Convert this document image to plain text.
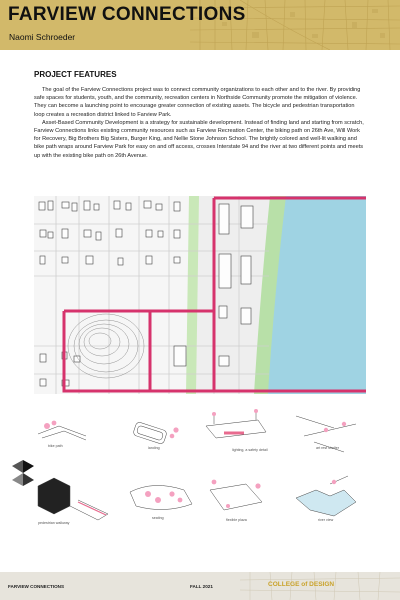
FARVIEW CONNECTIONS
Naomi Schroeder
PROJECT FEATURES

The goal of the Farview Connections project was to connect community organizations to each other and to the river. By providing safe spaces for students, youth, and the community, recreation centers in Northside Community promote the mitigation of violence. They can become a launching point to encourage greater connection of existing assets. The bicycle and pedestrian transportation loop creates a recreation district linked to Farview Park.

Asset-Based Community Development is a strategy for sustainable development. Instead of finding land and starting from scratch, Farview Connections links existing community resources such as Farview Recreation Center, the biking path on 26th Ave, Will Work for Recovery, Big Brothers Big Sisters, Burger King, and Nellie Stone Johnson School. The brightly colored and well-lit walking and bike path wraps around Farview Park for easy on and off access, crosses Interstate 94 and the river at two different points and meets up with the existing bike path on 26th Avenue.

bike path	landing	lighting, a safety detail	art rest shelter
pedestrian walkway
seating	flexible plaza	river view
FARVIEW CONNECTIONS	FALL 2021	COLLEGE of DESIGN
